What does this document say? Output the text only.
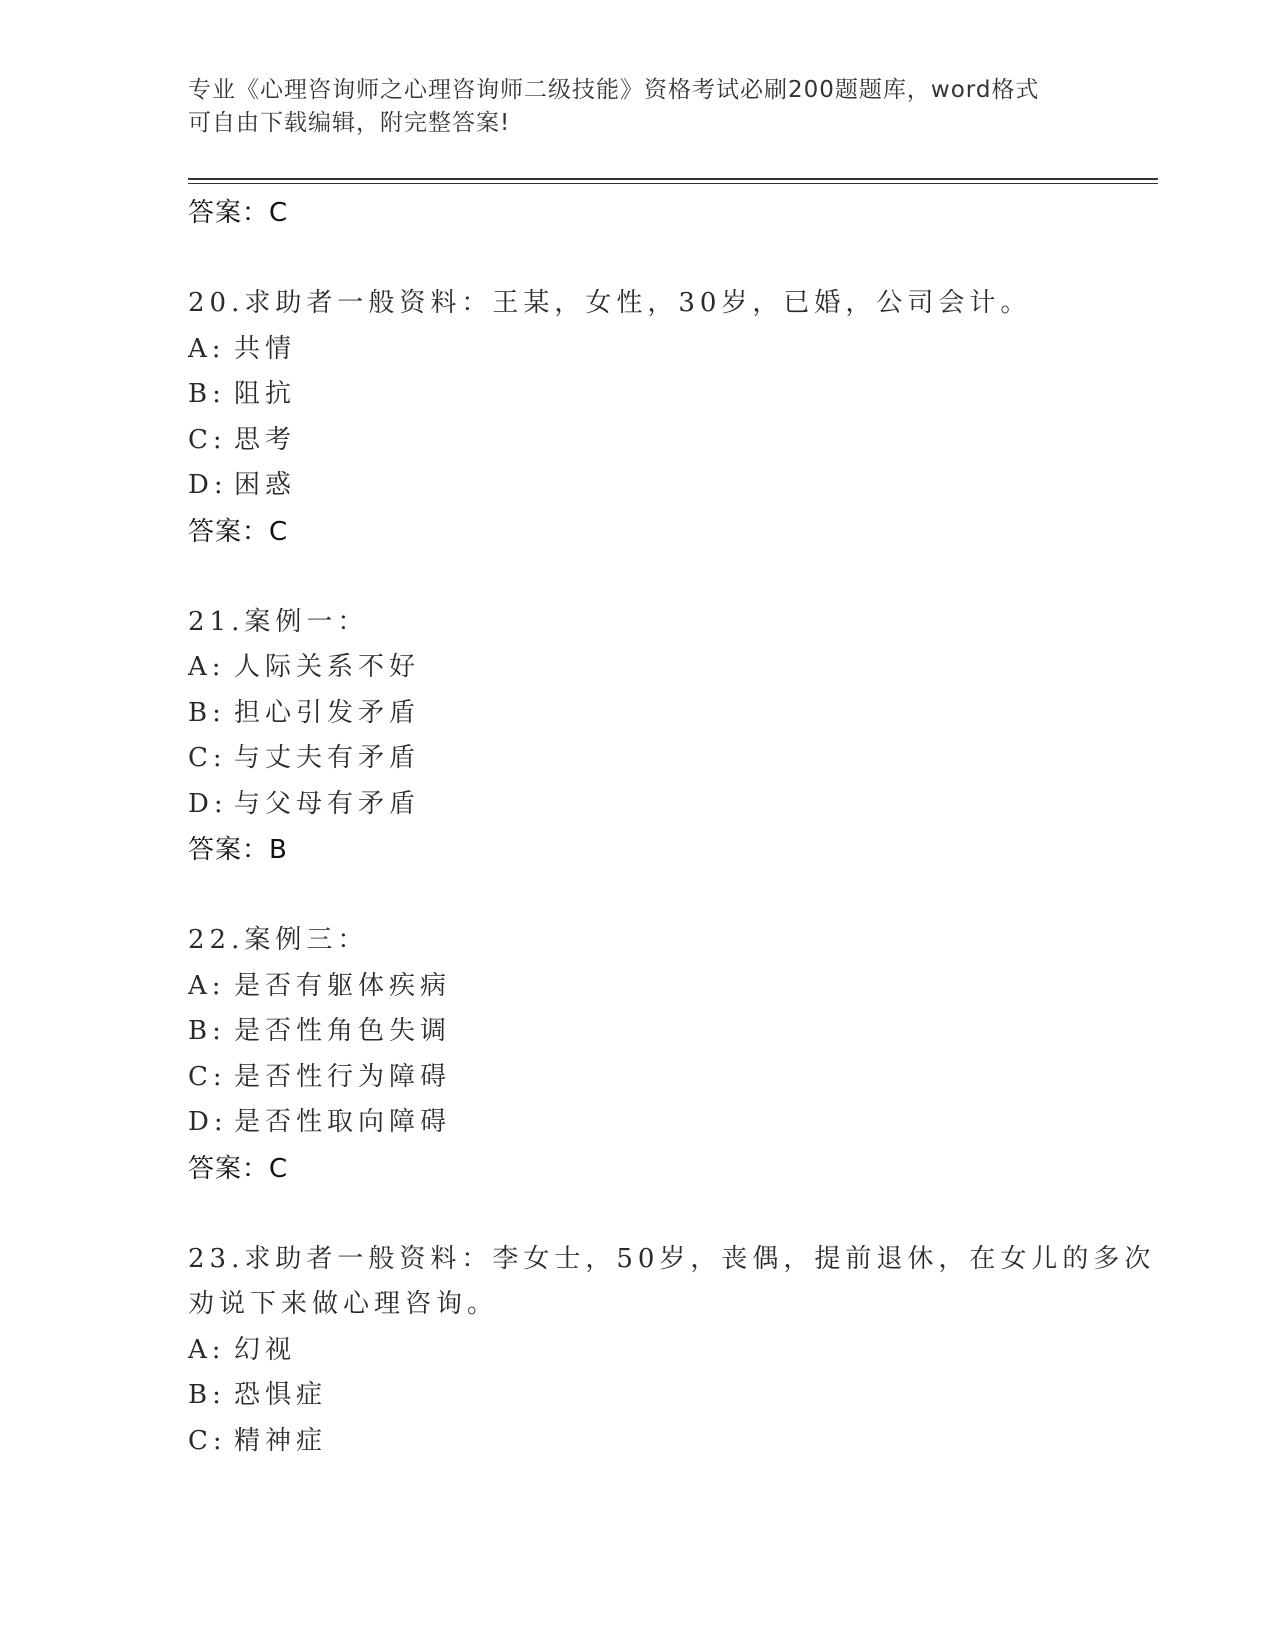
专业《心理咨询师之心理咨询师二级技能》资格考试必刷200题题库，word格式
可自由下载编辑，附完整答案!
答案：C
20.求助者一般资料：王某，女性，30岁，已婚，公司会计。
A: 共情
B: 阻抗
C: 思考
D: 困惑
答案：C
21.案例一：
A: 人际关系不好
B: 担心引发矛盾
C: 与丈夫有矛盾
D: 与父母有矛盾
答案：B
22.案例三：
A: 是否有躯体疾病
B: 是否性角色失调
C: 是否性行为障碍
D: 是否性取向障碍
答案：C
23.求助者一般资料：李女士，50岁，丧偶，提前退休，在女儿的多次
劝说下来做心理咨询。
A: 幻视
B: 恐惧症
C: 精神症
